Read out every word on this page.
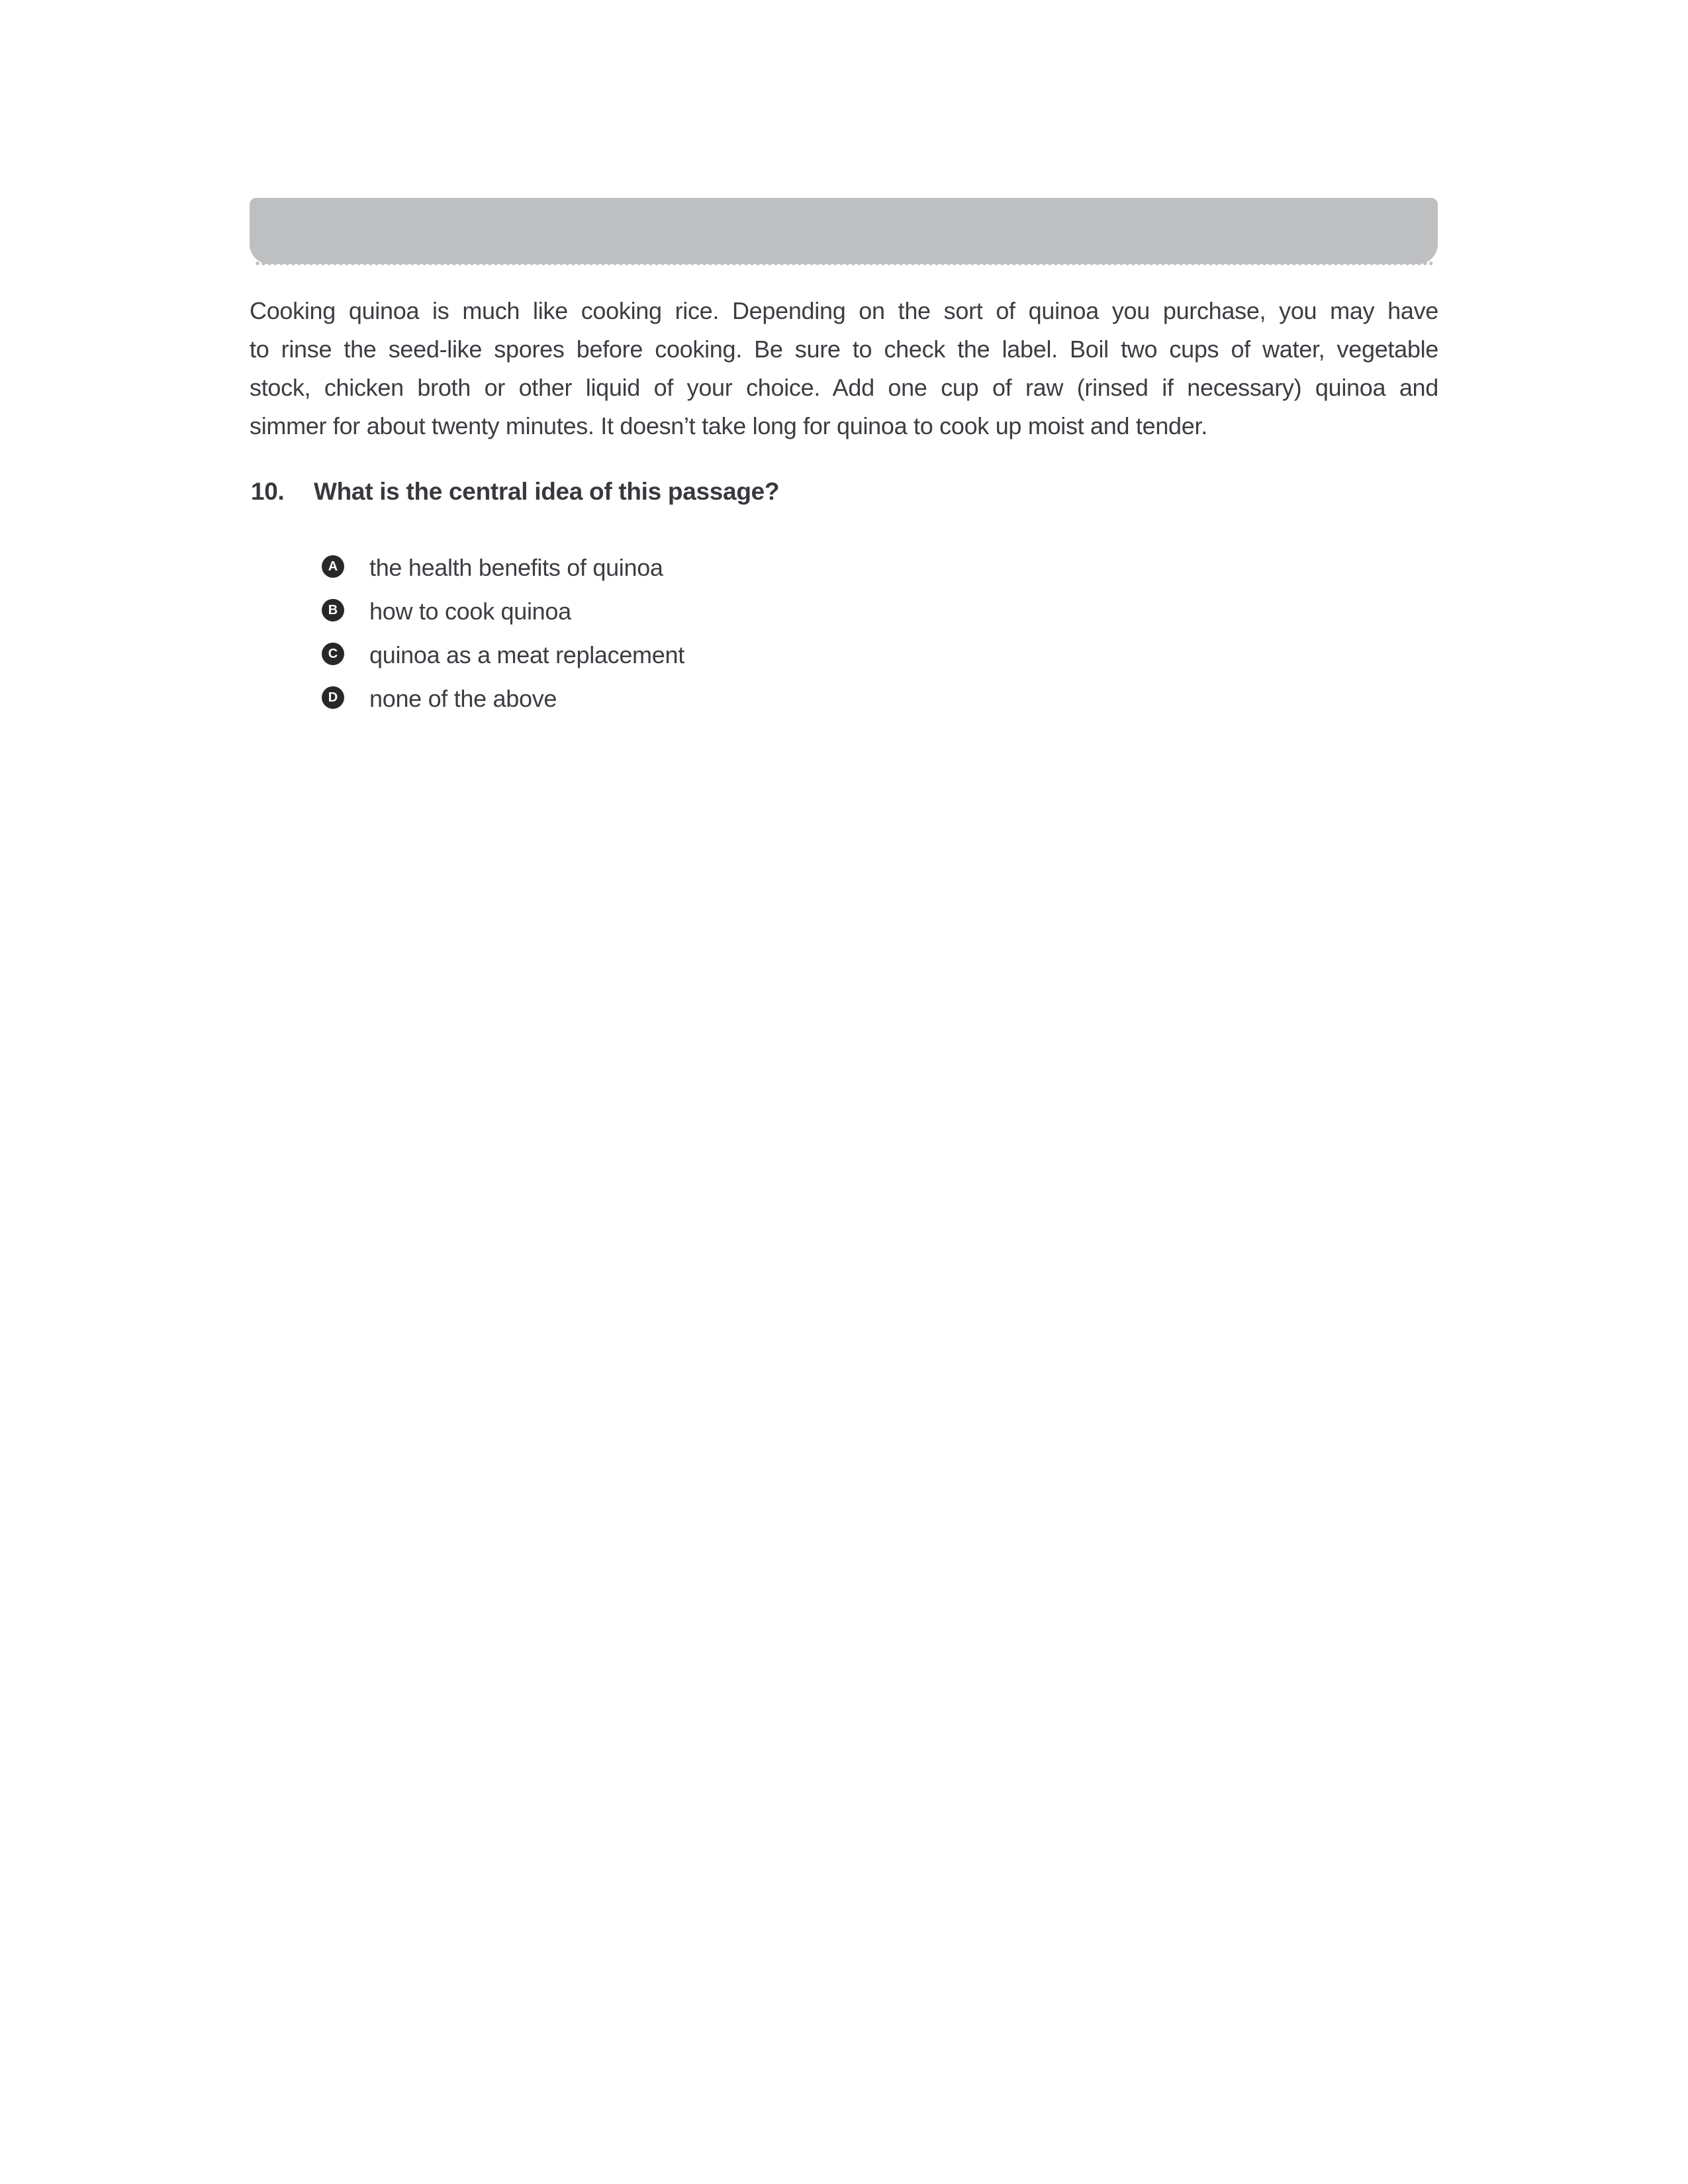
Cooking quinoa is much like cooking rice. Depending on the sort of quinoa you purchase, you may have
to rinse the seed-like spores before cooking. Be sure to check the label. Boil two cups of water, vegetable
stock, chicken broth or other liquid of your choice. Add one cup of raw (rinsed if necessary) quinoa and
simmer for about twenty minutes. It doesn’t take long for quinoa to cook up moist and tender.
10. What is the central idea of this passage?
A the health benefits of quinoa
B how to cook quinoa
C quinoa as a meat replacement
D none of the above
